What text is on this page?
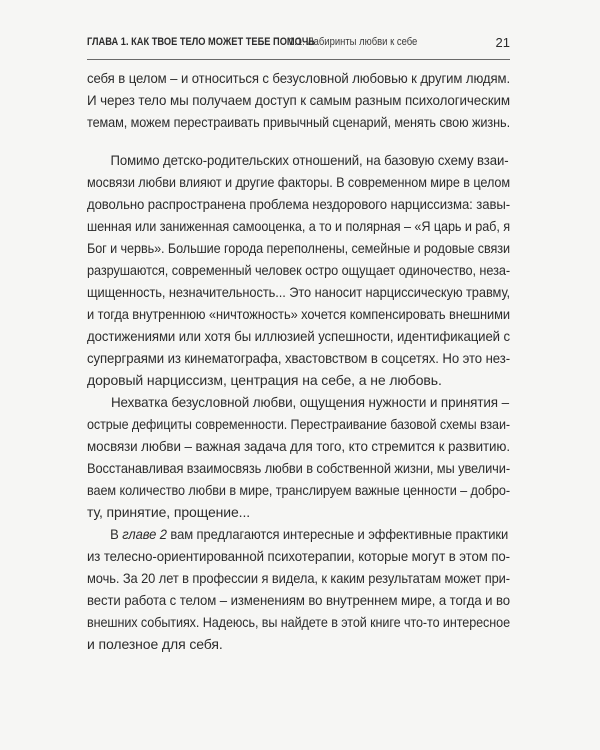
ГЛАВА 1. КАК ТВОЕ ТЕЛО МОЖЕТ ТЕБЕ ПОМОЧЬ
1.1. Лабиринты любви к себе	21
себя в целом – и относиться с безусловной любовью к другим людям.
И через тело мы получаем доступ к самым разным психологическим
темам, можем перестраивать привычный сценарий, менять свою жизнь.
Помимо детско-родительских отношений, на базовую схему взаи-
мосвязи любви влияют и другие факторы. В современном мире в целом
довольно распространена проблема нездорового нарциссизма: завы-
шенная или заниженная самооценка, а то и полярная – «Я царь и раб, я
Бог и червь». Большие города переполнены, семейные и родовые связи
разрушаются, современный человек остро ощущает одиночество, неза-
щищенность, незначительность... Это наносит нарциссическую травму,
и тогда внутреннюю «ничтожность» хочется компенсировать внешними
достижениями или хотя бы иллюзией успешности, идентификацией с
суперграями из кинематографа, хвастовством в соцсетях. Но это нез-
доровый нарциссизм, центрация на себе, а не любовь.
Нехватка безусловной любви, ощущения нужности и принятия –
острые дефициты современности. Перестраивание базовой схемы взаи-
мосвязи любви – важная задача для того, кто стремится к развитию.
Восстанавливая взаимосвязь любви в собственной жизни, мы увеличи-
ваем количество любви в мире, транслируем важные ценности – добро-
ту, принятие, прощение...
В главе 2 вам предлагаются интересные и эффективные практики
из телесно-ориентированной психотерапии, которые могут в этом по-
мочь. За 20 лет в профессии я видела, к каким результатам может при-
вести работа с телом – изменениям во внутреннем мире, а тогда и во
внешних событиях. Надеюсь, вы найдете в этой книге что-то интересное
и полезное для себя.
